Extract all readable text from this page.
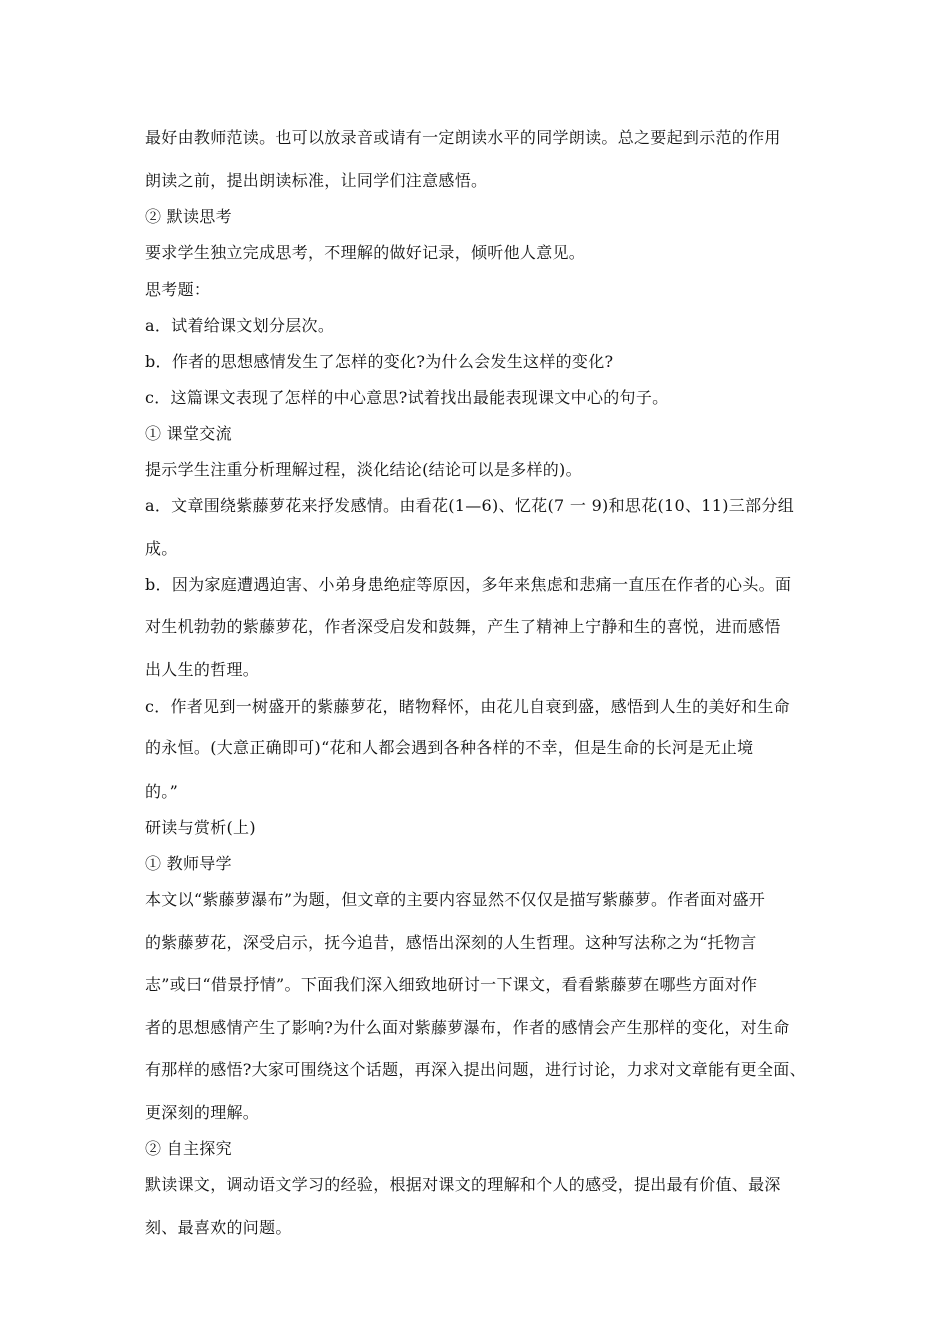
最好由教师范读。也可以放录音或请有一定朗读水平的同学朗读。总之要起到示范的作用
朗读之前，提出朗读标准，让同学们注意感悟。
② 默读思考
要求学生独立完成思考，不理解的做好记录，倾听他人意见。
思考题：
a．试着给课文划分层次。
b．作者的思想感情发生了怎样的变化?为什么会发生这样的变化?
c．这篇课文表现了怎样的中心意思?试着找出最能表现课文中心的句子。
① 课堂交流
提示学生注重分析理解过程，淡化结论(结论可以是多样的)。
a．文章围绕紫藤萝花来抒发感情。由看花(1—6)、忆花(7 一 9)和思花(10、11)三部分组
成。
b．因为家庭遭遇迫害、小弟身患绝症等原因，多年来焦虑和悲痛一直压在作者的心头。面
对生机勃勃的紫藤萝花，作者深受启发和鼓舞，产生了精神上宁静和生的喜悦，进而感悟
出人生的哲理。
c．作者见到一树盛开的紫藤萝花，睹物释怀，由花儿自衰到盛，感悟到人生的美好和生命
的永恒。(大意正确即可)“花和人都会遇到各种各样的不幸，但是生命的长河是无止境
的。”
研读与赏析(上)
① 教师导学
本文以“紫藤萝瀑布”为题，但文章的主要内容显然不仅仅是描写紫藤萝。作者面对盛开
的紫藤萝花，深受启示，抚今追昔，感悟出深刻的人生哲理。这种写法称之为“托物言
志”或曰“借景抒情”。下面我们深入细致地研讨一下课文，看看紫藤萝在哪些方面对作
者的思想感情产生了影响?为什么面对紫藤萝瀑布，作者的感情会产生那样的变化，对生命
有那样的感悟?大家可围绕这个话题，再深入提出问题，进行讨论，力求对文章能有更全面、
更深刻的理解。
② 自主探究
默读课文，调动语文学习的经验，根据对课文的理解和个人的感受，提出最有价值、最深
刻、最喜欢的问题。
